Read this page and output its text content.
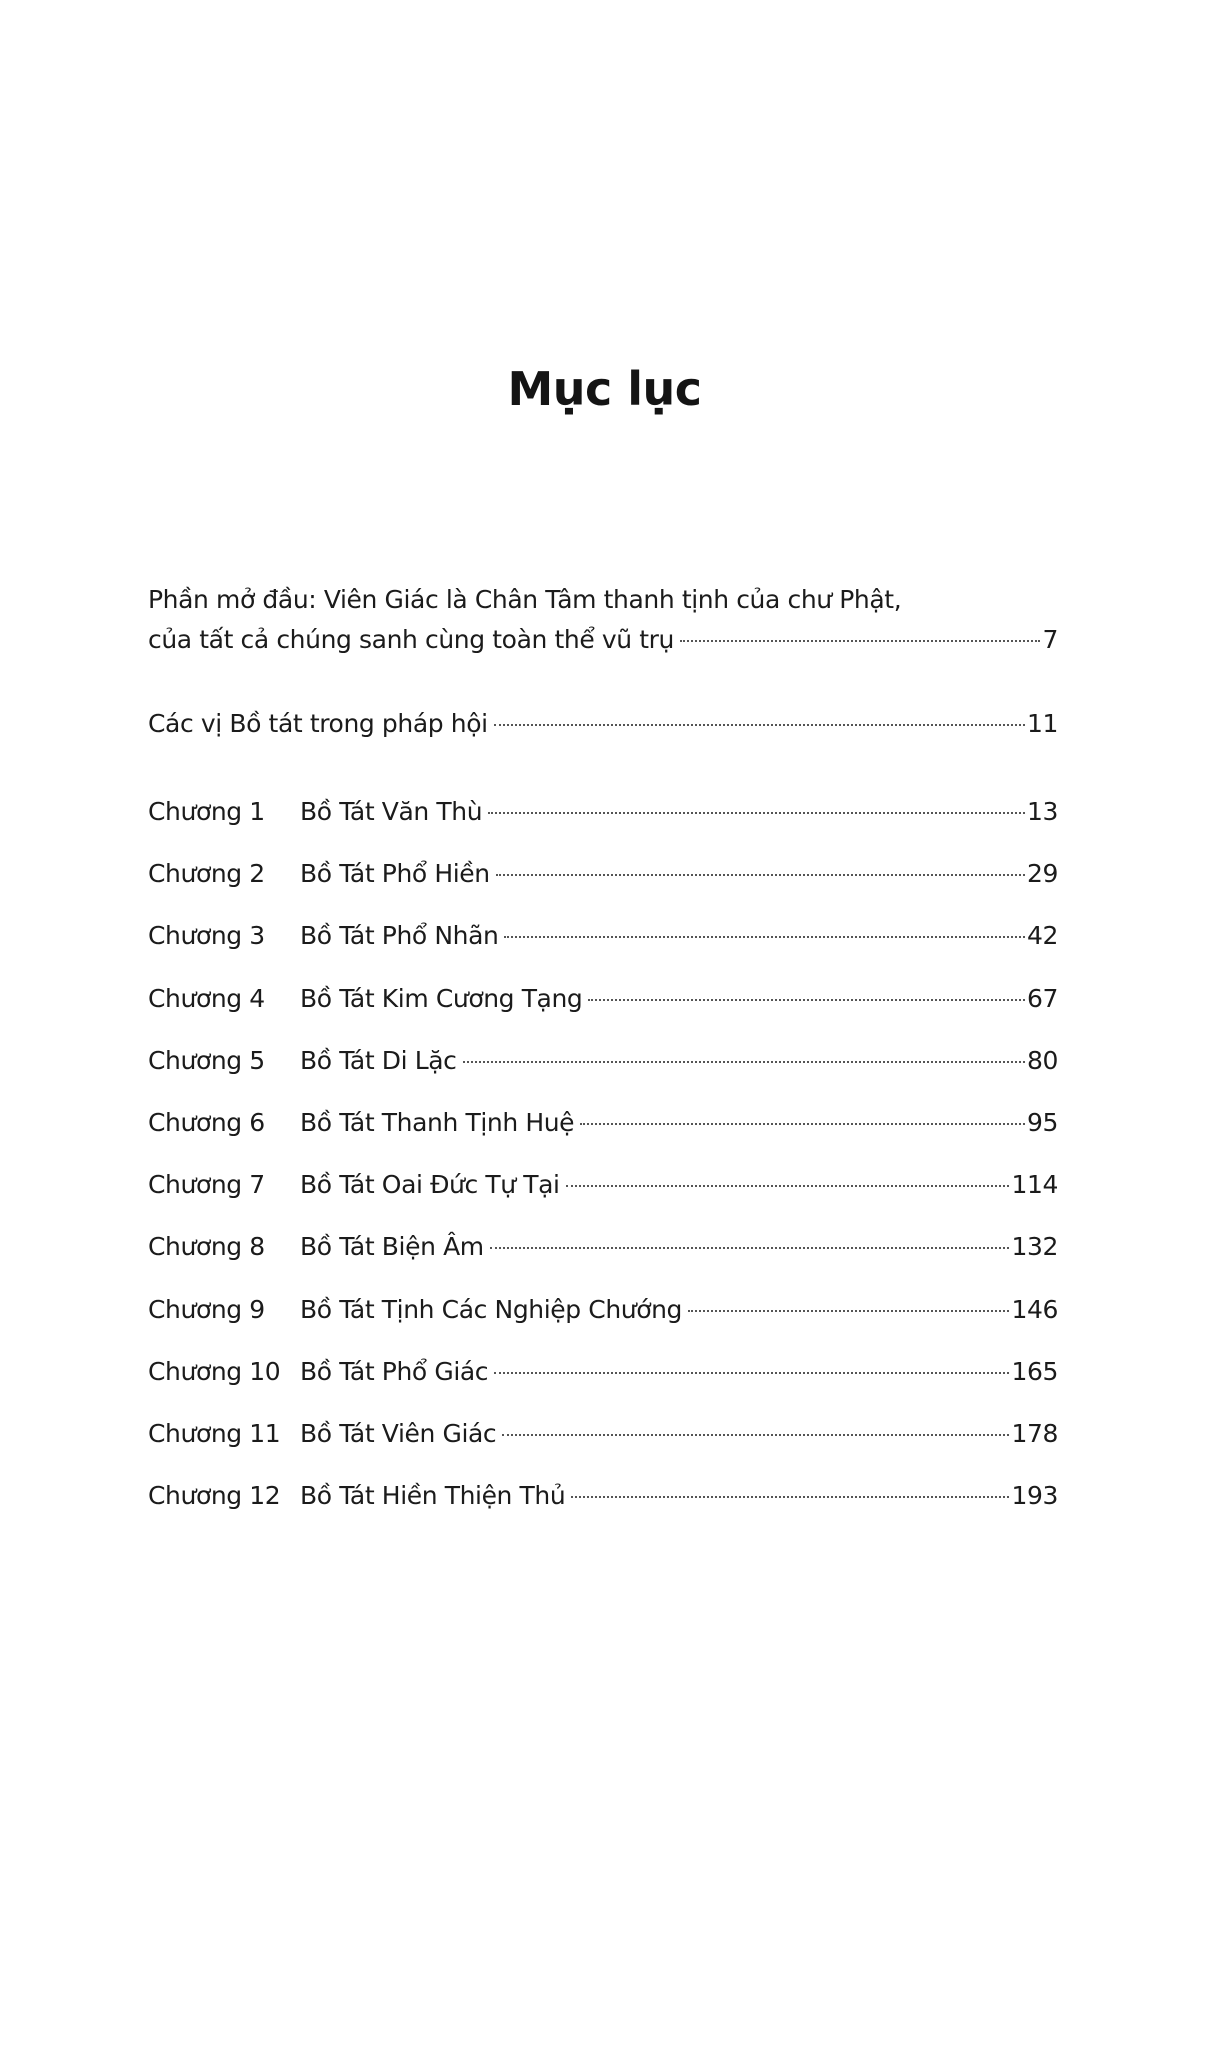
Mục lục
Phần mở đầu: Viên Giác là Chân Tâm thanh tịnh của chư Phật,
của tất cả chúng sanh cùng toàn thể vũ trụ	7
Các vị Bồ tát trong pháp hội	11
Chương 1	Bồ Tát Văn Thù	13
Chương 2	Bồ Tát Phổ Hiền	29
Chương 3	Bồ Tát Phổ Nhãn	42
Chương 4	Bồ Tát Kim Cương Tạng	67
Chương 5	Bồ Tát Di Lặc	80
Chương 6	Bồ Tát Thanh Tịnh Huệ	95
Chương 7	Bồ Tát Oai Đức Tự Tại	114
Chương 8	Bồ Tát Biện Âm	132
Chương 9	Bồ Tát Tịnh Các Nghiệp Chướng	146
Chương 10 Bồ Tát Phổ Giác	165
Chương 11 Bồ Tát Viên Giác	178
Chương 12 Bồ Tát Hiền Thiện Thủ	193
